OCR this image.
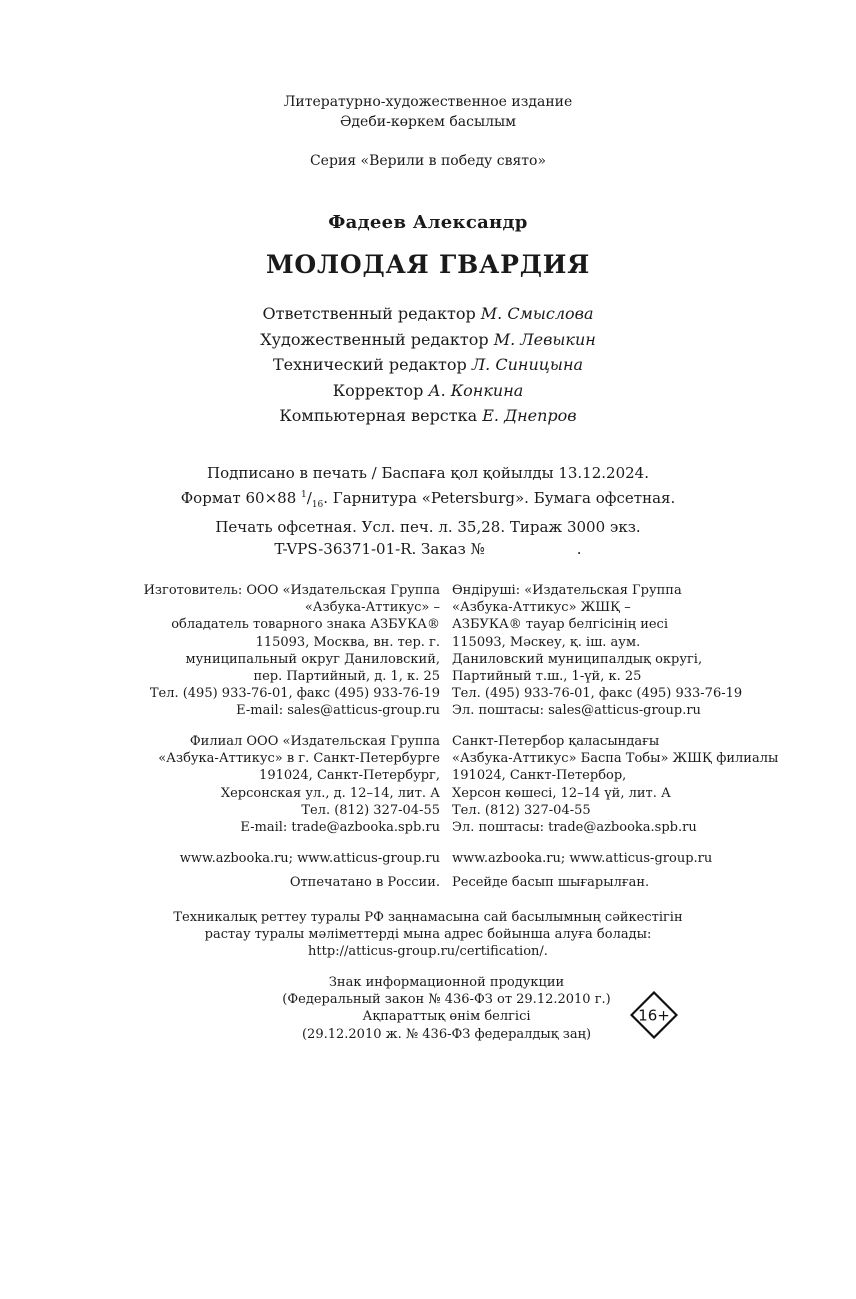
Литературно-художественное издание
Әдеби-көркем басылым
Серия «Верили в победу свято»
Фадеев Александр
МОЛОДАЯ ГВАРДИЯ
Ответственный редактор М. Смыслова
Художественный редактор М. Левыкин
Технический редактор Л. Синицына
Корректор А. Конкина
Компьютерная верстка Е. Днепров
Подписано в печать / Баспаға қол қойылды 13.12.2024.
Формат 60×88 $^1/_{16}$. Гарнитура «Petersburg». Бумага офсетная.
Печать офсетная. Усл. печ. л. 35,28. Тираж 3000 экз.
T-VPS-36371-01-R. Заказ №	.
Изготовитель: ООО «Издательская Группа
«Азбука-Аттикус» –
обладатель товарного знака АЗБУКА®
115093, Москва, вн. тер. г.
муниципальный округ Даниловский,
пер. Партийный, д. 1, к. 25
Тел. (495) 933-76-01, факс (495) 933-76-19
E-mail: sales@atticus-group.ru
Өндіруші: «Издательская Группа
«Азбука-Аттикус» ЖШҚ –
АЗБУКА® тауар белгісінің иесі
115093, Мәскеу, қ. іш. аум.
Даниловский муниципалдық округі,
Партийный т.ш., 1-үй, к. 25
Тел. (495) 933-76-01, факс (495) 933-76-19
Эл. поштасы: sales@atticus-group.ru
Филиал ООО «Издательская Группа
«Азбука-Аттикус» в г. Санкт-Петербурге
191024, Санкт-Петербург,
Херсонская ул., д. 12–14, лит. А
Тел. (812) 327-04-55
E-mail: trade@azbooka.spb.ru
Санкт-Петербор қаласындағы
«Азбука-Аттикус» Баспа Тобы» ЖШҚ филиалы
191024, Санкт-Петербор,
Херсон көшесі, 12–14 үй, лит. А
Тел. (812) 327-04-55
Эл. поштасы: trade@azbooka.spb.ru
www.azbooka.ru; www.atticus-group.ru www.azbooka.ru; www.atticus-group.ru
Отпечатано в России. Ресейде басып шығарылған.
Техникалық реттеу туралы РФ заңнамасына сай басылымның сәйкестігін
растау туралы мәліметтерді мына адрес бойынша алуға болады:
http://atticus-group.ru/certification/.
Знак информационной продукции
(Федеральный закон № 436-ФЗ от 29.12.2010 г.)
Ақпараттық өнім белгісі
(29.12.2010 ж. № 436-ФЗ федералдық заң)
16+
